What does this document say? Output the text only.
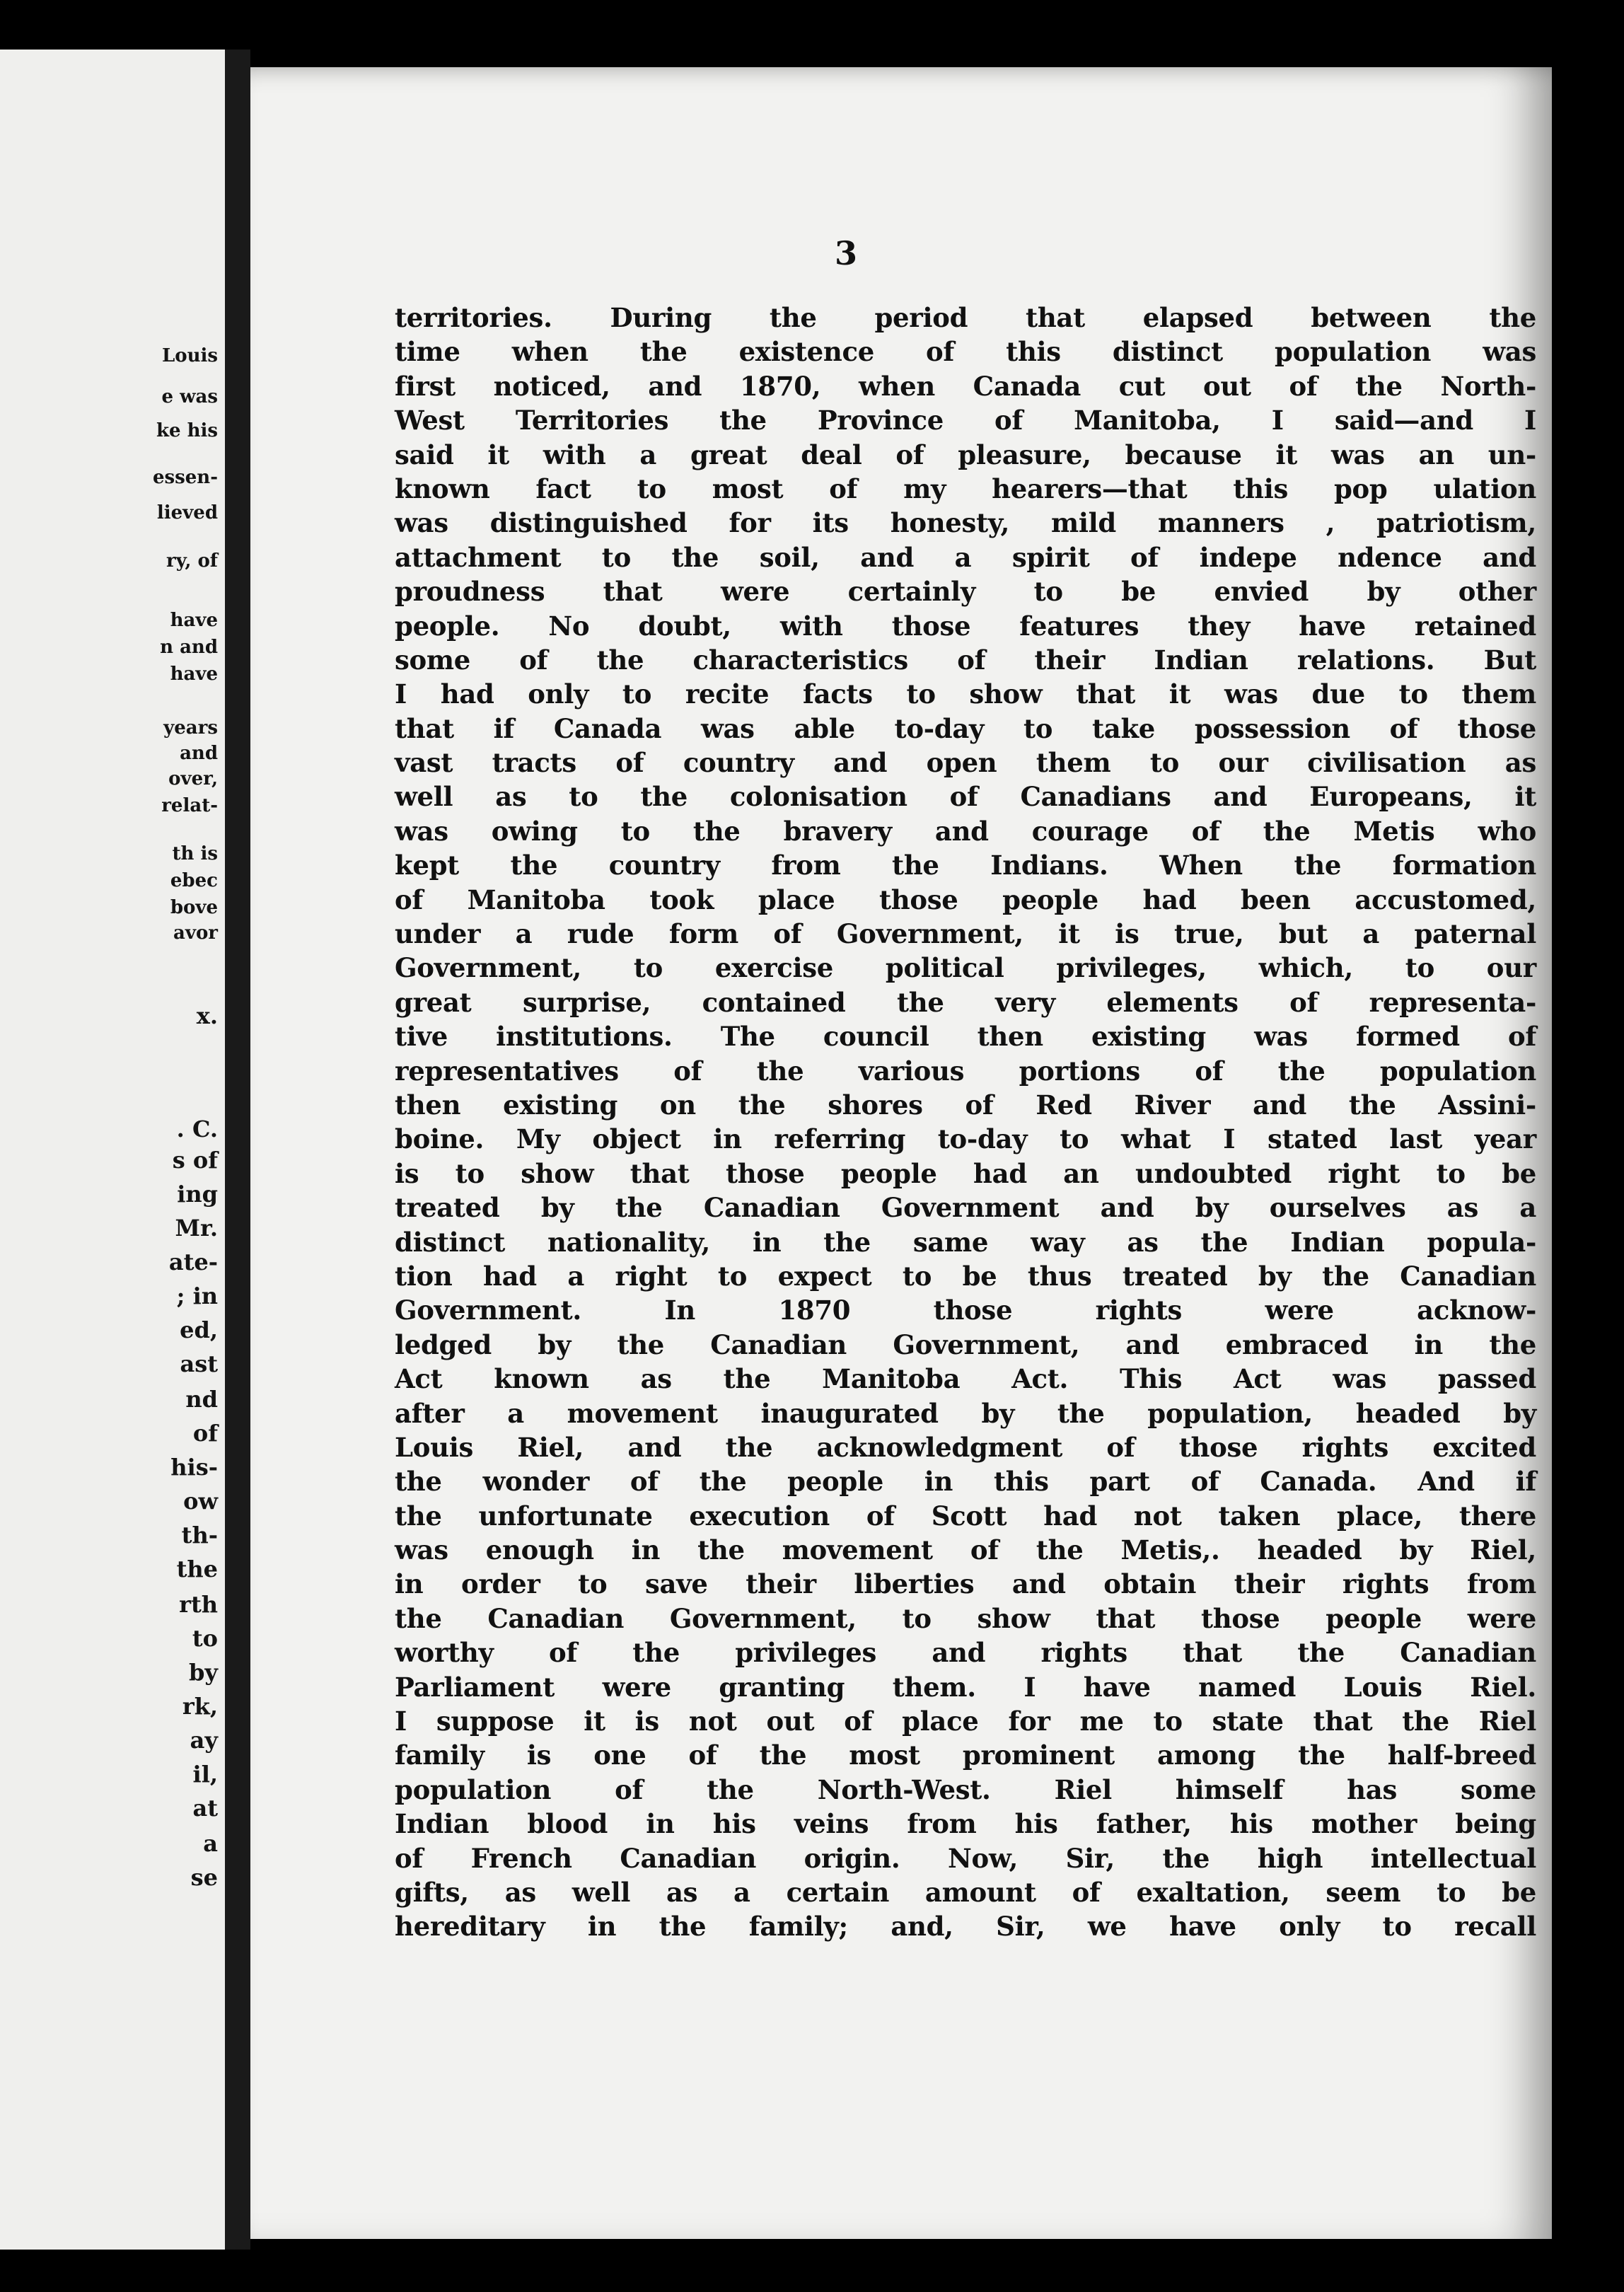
Louis
e was
ke his
essen-
lieved
ry, of
have
n and
have
years
and
over,
relat-
th is
ebec
bove
avor
x.
. C.
s of
ing
Mr.
ate-
; in
ed,
ast
nd
of
his-
ow
th-
the
rth
to
by
rk,
ay
il,
at
a
se
3
territories. During the period that elapsed between the
time when the existence of this distinct population was
first noticed, and 1870, when Canada cut out of the North-
West Territories the Province of Manitoba, I said—and I
said it with a great deal of pleasure, because it was an un-
known fact to most of my hearers—that this pop ulation
was distinguished for its honesty, mild manners , patriotism,
attachment to the soil, and a spirit of indepe ndence and
proudness that were certainly to be envied by other
people. No doubt, with those features they have retained
some of the characteristics of their Indian relations. But
I had only to recite facts to show that it was due to them
that if Canada was able to-day to take possession of those
vast tracts of country and open them to our civilisation as
well as to the colonisation of Canadians and Europeans, it
was owing to the bravery and courage of the Metis who
kept the country from the Indians. When the formation
of Manitoba took place those people had been accustomed,
under a rude form of Government, it is true, but a paternal
Government, to exercise political privileges, which, to our
great surprise, contained the very elements of representa-
tive institutions. The council then existing was formed of
representatives of the various portions of the population
then existing on the shores of Red River and the Assini-
boine. My object in referring to-day to what I stated last year
is to show that those people had an undoubted right to be
treated by the Canadian Government and by ourselves as a
distinct nationality, in the same way as the Indian popula-
tion had a right to expect to be thus treated by the Canadian
Government. In 1870 those rights were acknow-
ledged by the Canadian Government, and embraced in the
Act known as the Manitoba Act. This Act was passed
after a movement inaugurated by the population, headed by
Louis Riel, and the acknowledgment of those rights excited
the wonder of the people in this part of Canada. And if
the unfortunate execution of Scott had not taken place, there
was enough in the movement of the Metis,. headed by Riel,
in order to save their liberties and obtain their rights from
the Canadian Government, to show that those people were
worthy of the privileges and rights that the Canadian
Parliament were granting them. I have named Louis Riel.
I suppose it is not out of place for me to state that the Riel
family is one of the most prominent among the half-breed
population of the North-West. Riel himself has some
Indian blood in his veins from his father, his mother being
of French Canadian origin. Now, Sir, the high intellectual
gifts, as well as a certain amount of exaltation, seem to be
hereditary in the family; and, Sir, we have only to recall
